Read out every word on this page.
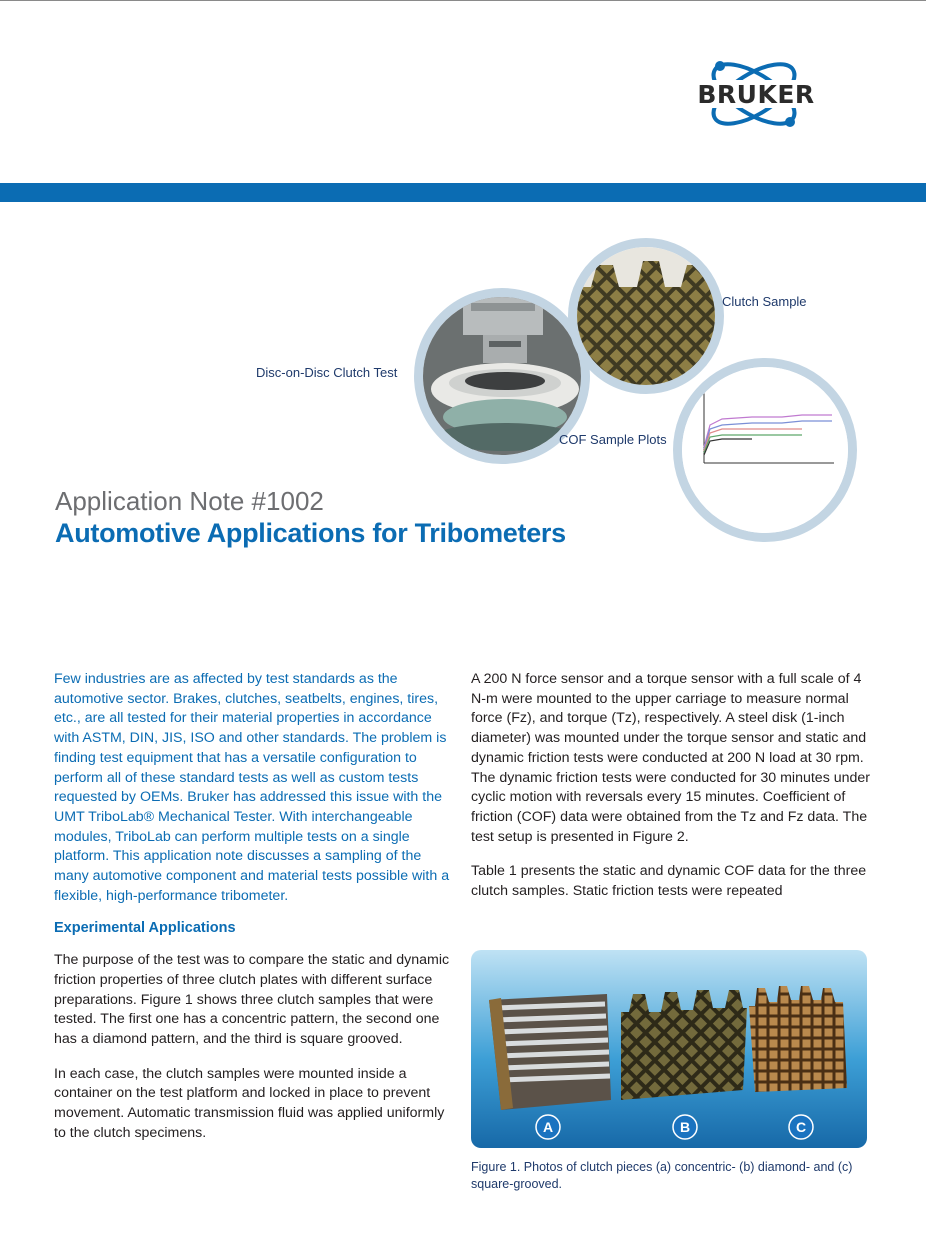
BRUKER
Clutch Sample
Disc-on-Disc Clutch Test
COF Sample Plots
Application Note #1002
Automotive Applications for Tribometers

Few industries are as affected by test standards as the automotive sector. Brakes, clutches, seatbelts, engines, tires, etc., are all tested for their material properties in accordance with ASTM, DIN, JIS, ISO and other standards. The problem is finding test equipment that has a versatile configuration to perform all of these standard tests as well as custom tests requested by OEMs. Bruker has addressed this issue with the UMT TriboLab® Mechanical Tester. With interchangeable modules, TriboLab can perform multiple tests on a single platform. This application note discusses a sampling of the many automotive component and material tests possible with a flexible, high-performance tribometer.

Experimental Applications

The purpose of the test was to compare the static and dynamic friction properties of three clutch plates with different surface preparations. Figure 1 shows three clutch samples that were tested. The first one has a concentric pattern, the second one has a diamond pattern, and the third is square grooved.

In each case, the clutch samples were mounted inside a container on the test platform and locked in place to prevent movement. Automatic transmission fluid was applied uniformly to the clutch specimens.

A 200 N force sensor and a torque sensor with a full scale of 4 N-m were mounted to the upper carriage to measure normal force (Fz), and torque (Tz), respectively. A steel disk (1-inch diameter) was mounted under the torque sensor and static and dynamic friction tests were conducted at 200 N load at 30 rpm. The dynamic friction tests were conducted for 30 minutes under cyclic motion with reversals every 15 minutes. Coefficient of friction (COF) data were obtained from the Tz and Fz data. The test setup is presented in Figure 2.

Table 1 presents the static and dynamic COF data for the three clutch samples. Static friction tests were repeated

A	B	C
Figure 1. Photos of clutch pieces (a) concentric- (b) diamond- and (c) square-grooved.
